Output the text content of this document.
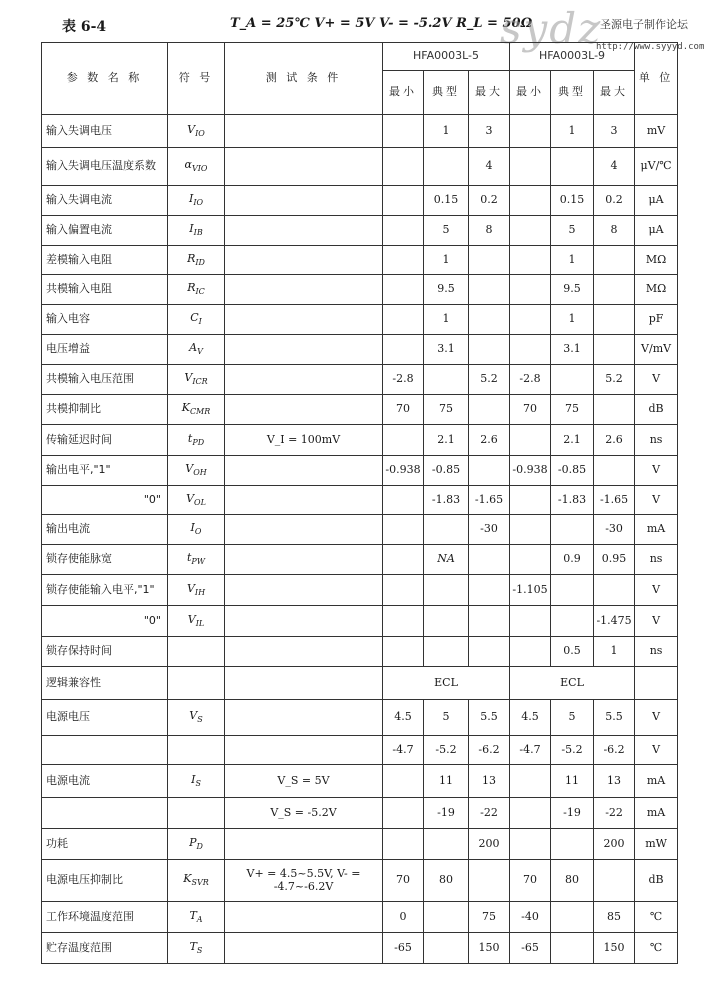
表 6-4	T_A = 25℃ V+ = 5V V- = -5.2V R_L = 50Ω
sydz
圣源电子制作论坛
http://www.syyyd.com
参 数 名 称	符 号	测 试 条 件	HFA0003L-5			HFA0003L-9			单 位
			最小	典型	最大	最小	典型	最大	
输入失调电压	$V_{IO}$			1	3		1	3	mV
输入失调电压温度系数	$\alpha_{VIO}$				4			4	μV/℃
输入失调电流	$I_{IO}$			0.15	0.2		0.15	0.2	μA
输入偏置电流	$I_{IB}$			5	8		5	8	μA
差模输入电阻	$R_{ID}$			1			1		MΩ
共模输入电阻	$R_{IC}$			9.5			9.5		MΩ
输入电容	$C_I$			1			1		pF
电压增益	$A_V$			3.1			3.1		V/mV
共模输入电压范围	$V_{ICR}$		-2.8		5.2	-2.8		5.2	V
共模抑制比	$K_{CMR}$		70	75		70	75		dB
传输延迟时间	$t_{PD}$	V_I = 100mV		2.1	2.6		2.1	2.6	ns
输出电平,"1"	$V_{OH}$		-0.938	-0.85		-0.938	-0.85		V
"0"	$V_{OL}$			-1.83	-1.65		-1.83	-1.65	V
输出电流	$I_O$				-30			-30	mA
锁存使能脉宽	$t_{PW}$			NA			0.9	0.95	ns
锁存使能输入电平,"1"	$V_{IH}$					-1.105			V
"0"	$V_{IL}$							-1.475	V
锁存保持时间							0.5	1	ns
逻辑兼容性			ECL			ECL			
电源电压	$V_S$		4.5	5	5.5	4.5	5	5.5	V
			-4.7	-5.2	-6.2	-4.7	-5.2	-6.2	V
电源电流	$I_S$	V_S = 5V		11	13		11	13	mA
		V_S = -5.2V		-19	-22		-19	-22	mA
功耗	$P_D$				200			200	mW
电源电压抑制比	$K_{SVR}$	V+ = 4.5~5.5V, V- = -4.7~-6.2V	70	80		70	80		dB
工作环境温度范围	$T_A$		0		75	-40		85	℃
贮存温度范围	$T_S$		-65		150	-65		150	℃
